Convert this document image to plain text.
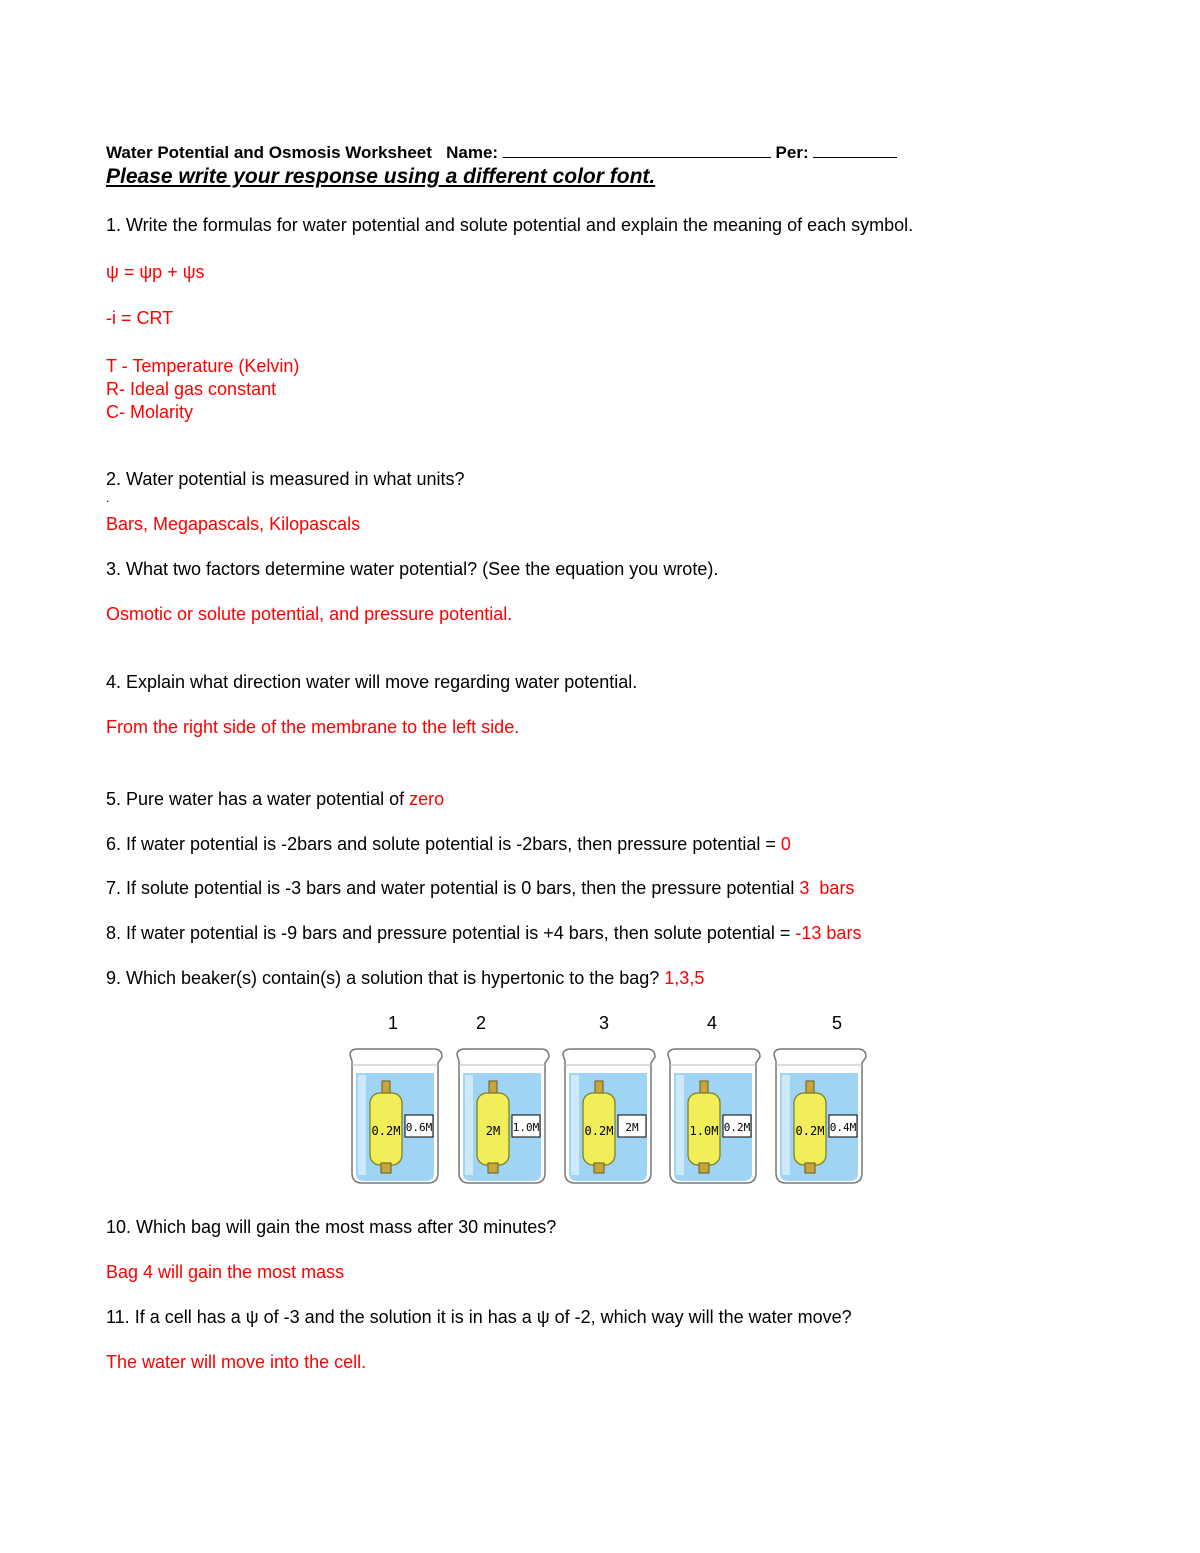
Water Potential and Osmosis Worksheet Name:	Per:
Please write your response using a different color font.
1. Write the formulas for water potential and solute potential and explain the meaning of each symbol.
ψ = ψp + ψs
-i = CRT
T - Temperature (Kelvin)
R- Ideal gas constant
C- Molarity
2. Water potential is measured in what units?
.
Bars, Megapascals, Kilopascals
3. What two factors determine water potential? (See the equation you wrote).
Osmotic or solute potential, and pressure potential.
4. Explain what direction water will move regarding water potential.
From the right side of the membrane to the left side.
5. Pure water has a water potential of zero
6. If water potential is -2bars and solute potential is -2bars, then pressure potential = 0
7. If solute potential is -3 bars and water potential is 0 bars, then the pressure potential 3  bars
8. If water potential is -9 bars and pressure potential is +4 bars, then solute potential = -13 bars
9. Which beaker(s) contain(s) a solution that is hypertonic to the bag? 1,3,5
1	2	3	4	5
0.2M 0.6M	2M 1.0M	0.2M 2M	1.0M 0.2M	0.2M 0.4M
10. Which bag will gain the most mass after 30 minutes?
Bag 4 will gain the most mass
11. If a cell has a ψ of -3 and the solution it is in has a ψ of -2, which way will the water move?
The water will move into the cell.
